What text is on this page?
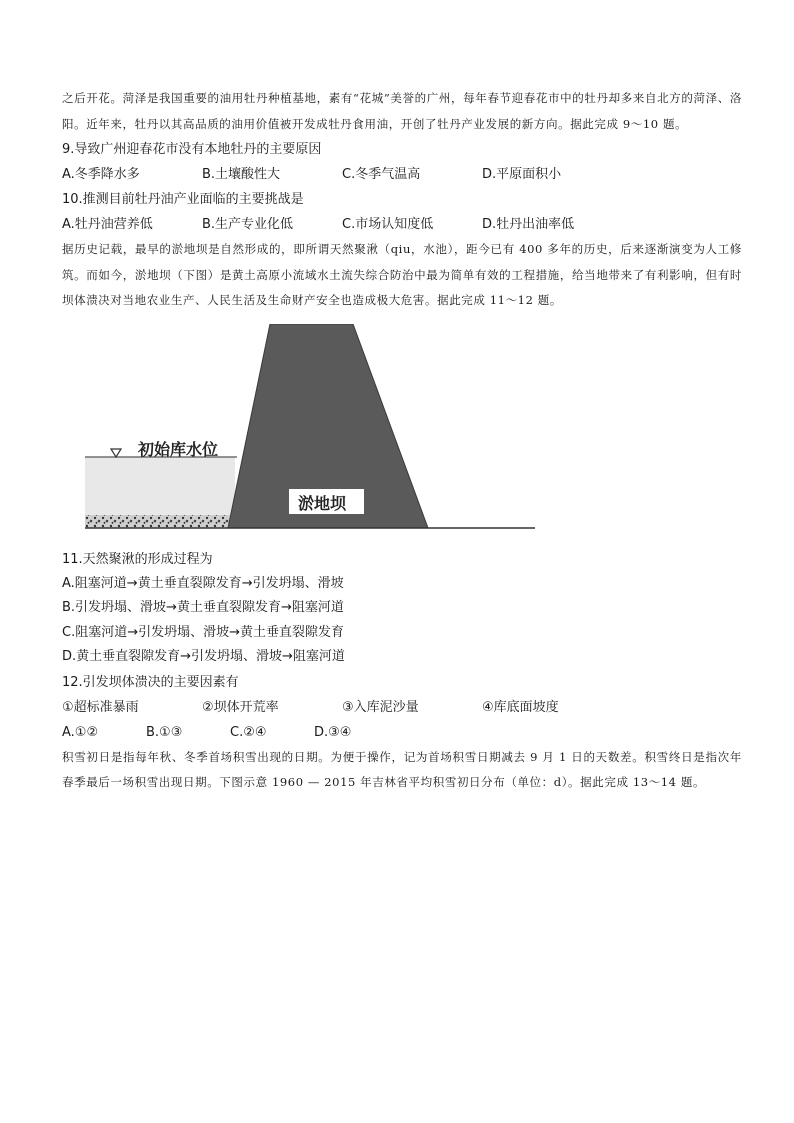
之后开花。菏泽是我国重要的油用牡丹种植基地，素有“花城”美誉的广州，每年春节迎春花市中的牡丹却多来自北方的菏泽、洛阳。近年来，牡丹以其高品质的油用价值被开发成牡丹食用油，开创了牡丹产业发展的新方向。据此完成 9～10 题。

9.导致广州迎春花市没有本地牡丹的主要原因

A.冬季降水多	B.土壤酸性大	C.冬季气温高	D.平原面积小

10.推测目前牡丹油产业面临的主要挑战是

A.牡丹油营养低	B.生产专业化低	C.市场认知度低	D.牡丹出油率低

据历史记载，最早的淤地坝是自然形成的，即所谓天然聚湫（qiu，水池），距今已有 400 多年的历史，后来逐渐演变为人工修筑。而如今，淤地坝（下图）是黄土高原小流域水土流失综合防治中最为简单有效的工程措施，给当地带来了有利影响，但有时坝体溃决对当地农业生产、人民生活及生命财产安全也造成极大危害。据此完成 11～12 题。

初始库水位
淤地坝

11.天然聚湫的形成过程为

A.阻塞河道→黄土垂直裂隙发育→引发坍塌、滑坡

B.引发坍塌、滑坡→黄土垂直裂隙发育→阻塞河道

C.阻塞河道→引发坍塌、滑坡→黄土垂直裂隙发育

D.黄土垂直裂隙发育→引发坍塌、滑坡→阻塞河道

12.引发坝体溃决的主要因素有

①超标准暴雨	②坝体开荒率	③入库泥沙量	④库底面坡度
A.①②	B.①③	C.②④	D.③④

积雪初日是指每年秋、冬季首场积雪出现的日期。为便于操作，记为首场积雪日期减去 9 月 1 日的天数差。积雪终日是指次年春季最后一场积雪出现日期。下图示意 1960 — 2015 年吉林省平均积雪初日分布（单位：d）。据此完成 13～14 题。
